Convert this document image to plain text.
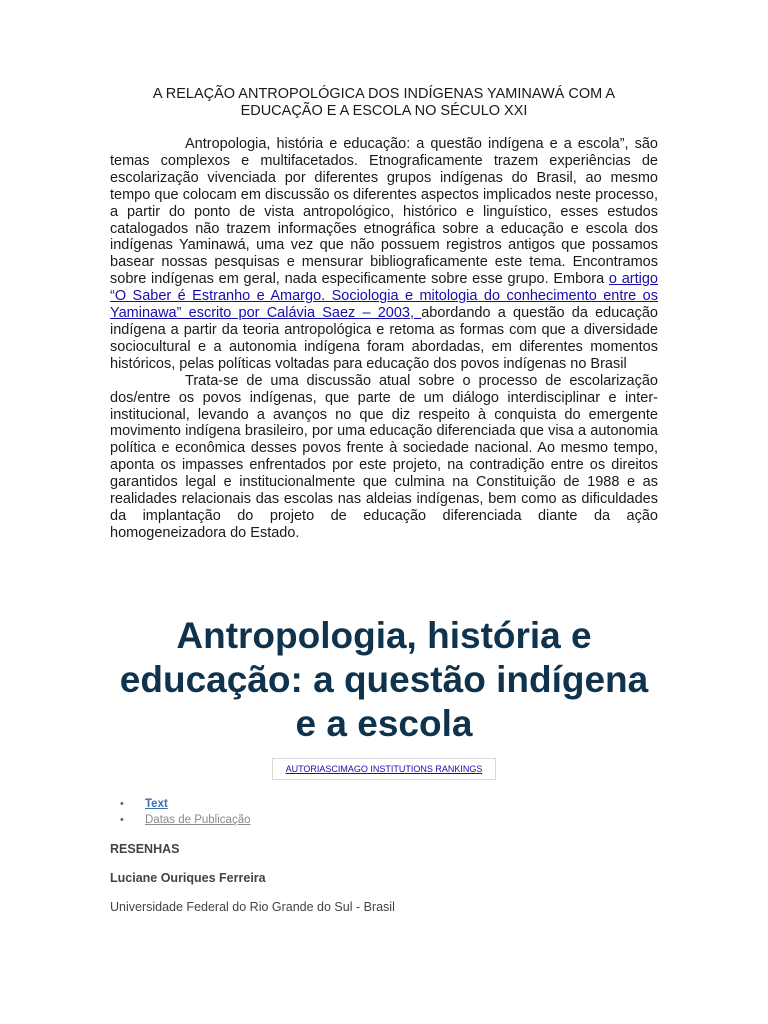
A RELAÇÃO ANTROPOLÓGICA DOS INDÍGENAS YAMINAWÁ COM A
EDUCAÇÃO E A ESCOLA NO SÉCULO XXI

Antropologia, história e educação: a questão indígena e a escola”, são temas complexos e multifacetados. Etnograficamente trazem experiências de escolarização vivenciada por diferentes grupos indígenas do Brasil, ao mesmo tempo que colocam em discussão os diferentes aspectos implicados neste processo, a partir do ponto de vista antropológico, histórico e linguístico, esses estudos catalogados não trazem informações etnográfica sobre a educação e escola dos indígenas Yaminawá, uma vez que não possuem registros antigos que possamos basear nossas pesquisas e mensurar bibliograficamente este tema. Encontramos sobre indígenas em geral, nada especificamente sobre esse grupo. Embora o artigo “O Saber é Estranho e Amargo. Sociologia e mitologia do conhecimento entre os Yaminawa” escrito por Calávia Saez – 2003, abordando a questão da educação indígena a partir da teoria antropológica e retoma as formas com que a diversidade sociocultural e a autonomia indígena foram abordadas, em diferentes momentos históricos, pelas políticas voltadas para educação dos povos indígenas no Brasil

Trata-se de uma discussão atual sobre o processo de escolarização dos/entre os povos indígenas, que parte de um diálogo interdisciplinar e inter-institucional, levando a avanços no que diz respeito à conquista do emergente movimento indígena brasileiro, por uma educação diferenciada que visa a autonomia política e econômica desses povos frente à sociedade nacional. Ao mesmo tempo, aponta os impasses enfrentados por este projeto, na contradição entre os direitos garantidos legal e institucionalmente que culmina na Constituição de 1988 e as realidades relacionais das escolas nas aldeias indígenas, bem como as dificuldades da implantação do projeto de educação diferenciada diante da ação homogeneizadora do Estado.

Antropologia, história e educação: a questão indígena e a escola
AUTORIASCIMAGO INSTITUTIONS RANKINGS
• Text
• Datas de Publicação
RESENHAS
Luciane Ouriques Ferreira
Universidade Federal do Rio Grande do Sul - Brasil
